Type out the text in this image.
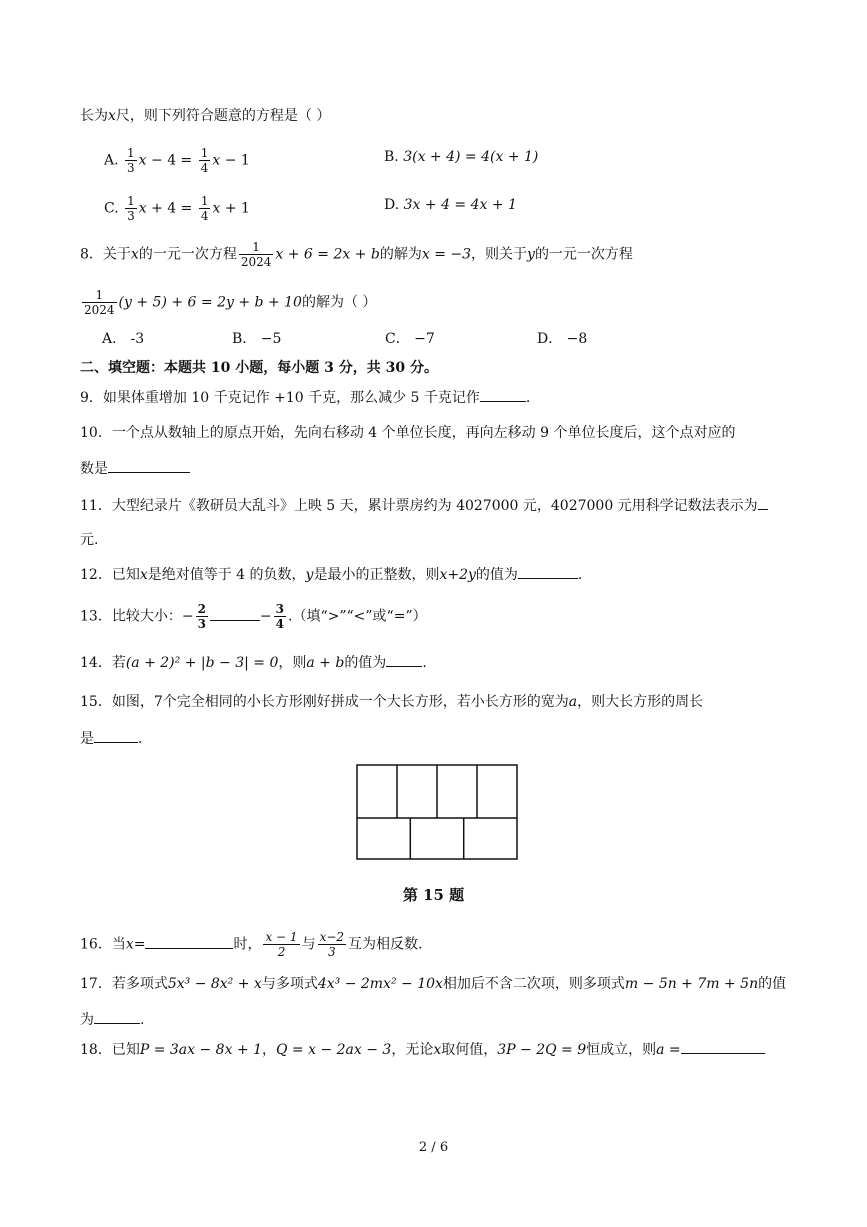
长为x尺，则下列符合题意的方程是（ ）
A. $\frac{1}{3}$ $x - 4 = \frac{1}{4}$ x − 1	B. 3(x + 4) = 4(x + 1)
C. $\frac{1}{3}$ $x + 4 = \frac{1}{4}$ x + 1	D. 3x + 4 = 4x + 1
8．关于x的一元一次方程 $\frac{1}{2024}$ x + 6 = 2x + b的解为x = −3，则关于y的一元一次方程
$\frac{1}{2024} (y + 5) + 6 = 2y + b + 10$的解为（ ）
A． -3	B． −5	C． −7	D． −8
二、填空题：本题共 10 小题，每小题 3 分，共 30 分。
9．如果体重增加 10 千克记作 +10 千克，那么减少 5 千克记作	.
10．一个点从数轴上的原点开始，先向右移动 4 个单位长度，再向左移动 9 个单位长度后，这个点对应的
数是
11．大型纪录片《教研员大乱斗》上映 5 天，累计票房约为 4027000 元，4027000 元用科学记数法表示为
元.
12．已知x是绝对值等于 4 的负数，y是最小的正整数，则x+2y的值为	.
13．比较大小：− $\frac{2}{3}$	− $\frac{3}{4}$ .（填“>”“<”或“=”）
14．若(a + 2)² + |b − 3| = 0，则a + b的值为	.
15．如图，7个完全相同的小长方形刚好拼成一个大长方形，若小长方形的宽为a，则大长方形的周长
是	.
第 15 题
16．当x=	时， $\frac{x - 1}{2}$ 与 $\frac{x-2}{3}$ 互为相反数.
17．若多项式5x³ − 8x² + x与多项式4x³ − 2mx² − 10x相加后不含二次项，则多项式m − 5n + 7m + 5n的值
为	.
18．已知P = 3ax − 8x + 1，Q = x − 2ax − 3，无论x取何值，3P − 2Q = 9恒成立，则a =
2 / 6
